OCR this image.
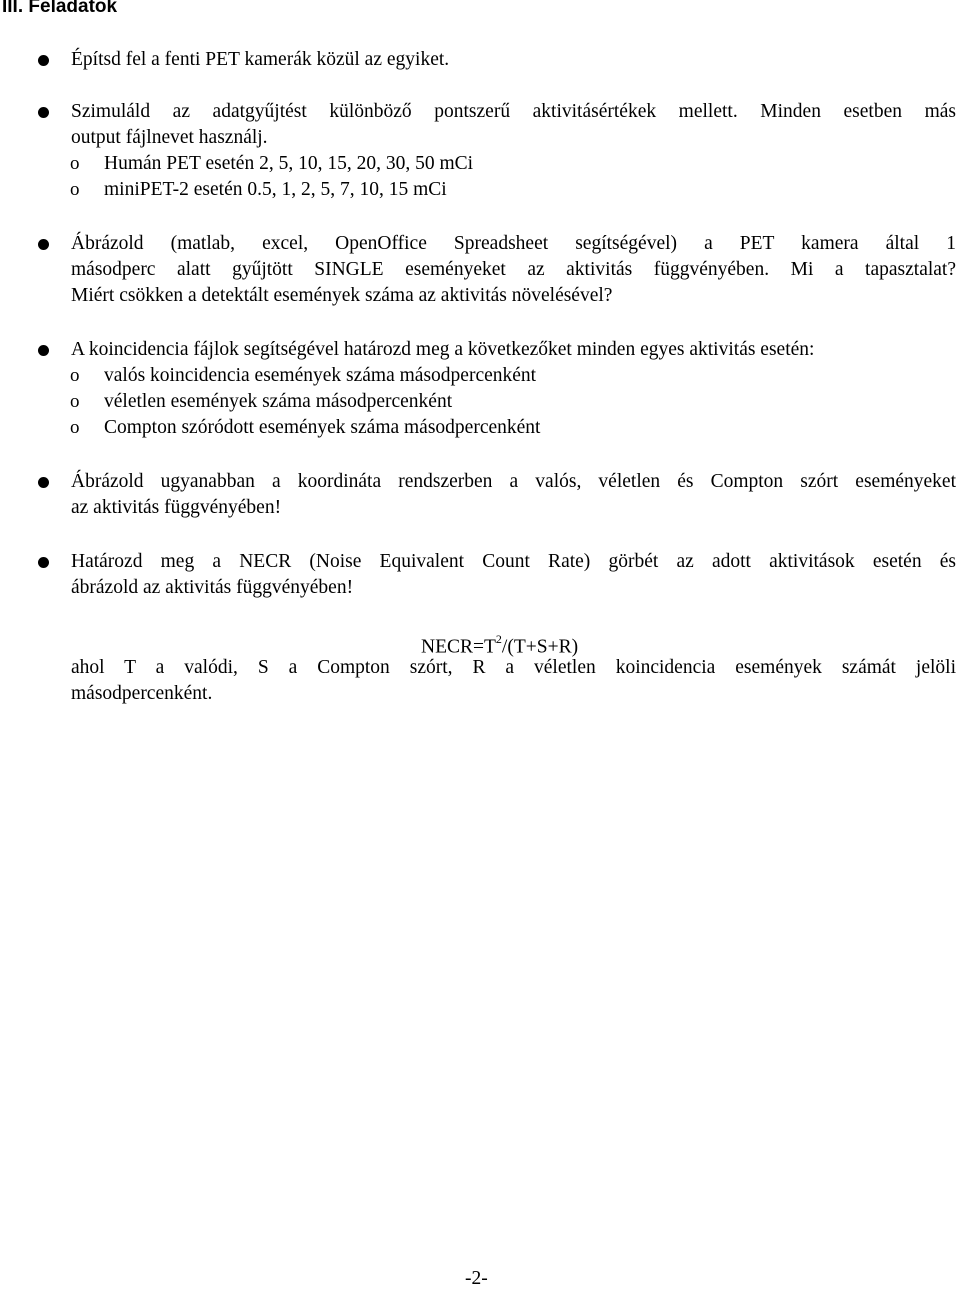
III. Feladatok
Építsd fel a fenti PET kamerák közül az egyiket.
Szimuláld az adatgyűjtést különböző pontszerű aktivitásértékek mellett. Minden esetben más
output fájlnevet használj.
o Humán PET esetén 2, 5, 10, 15, 20, 30, 50 mCi
o miniPET-2 esetén 0.5, 1, 2, 5, 7, 10, 15 mCi
Ábrázold (matlab, excel, OpenOffice Spreadsheet segítségével) a PET kamera által 1
másodperc alatt gyűjtött SINGLE eseményeket az aktivitás függvényében. Mi a tapasztalat?
Miért csökken a detektált események száma az aktivitás növelésével?
A koincidencia fájlok segítségével határozd meg a következőket minden egyes aktivitás esetén:
o valós koincidencia események száma másodpercenként
o véletlen események száma másodpercenként
o Compton szóródott események száma másodpercenként
Ábrázold ugyanabban a koordináta rendszerben a valós, véletlen és Compton szórt eseményeket
az aktivitás függvényében!
Határozd meg a NECR (Noise Equivalent Count Rate) görbét az adott aktivitások esetén és
ábrázold az aktivitás függvényében!
$NECR=T^2/(T+S+R)$
ahol T a valódi, S a Compton szórt, R a véletlen koincidencia események számát jelöli
másodpercenként.
-2-
